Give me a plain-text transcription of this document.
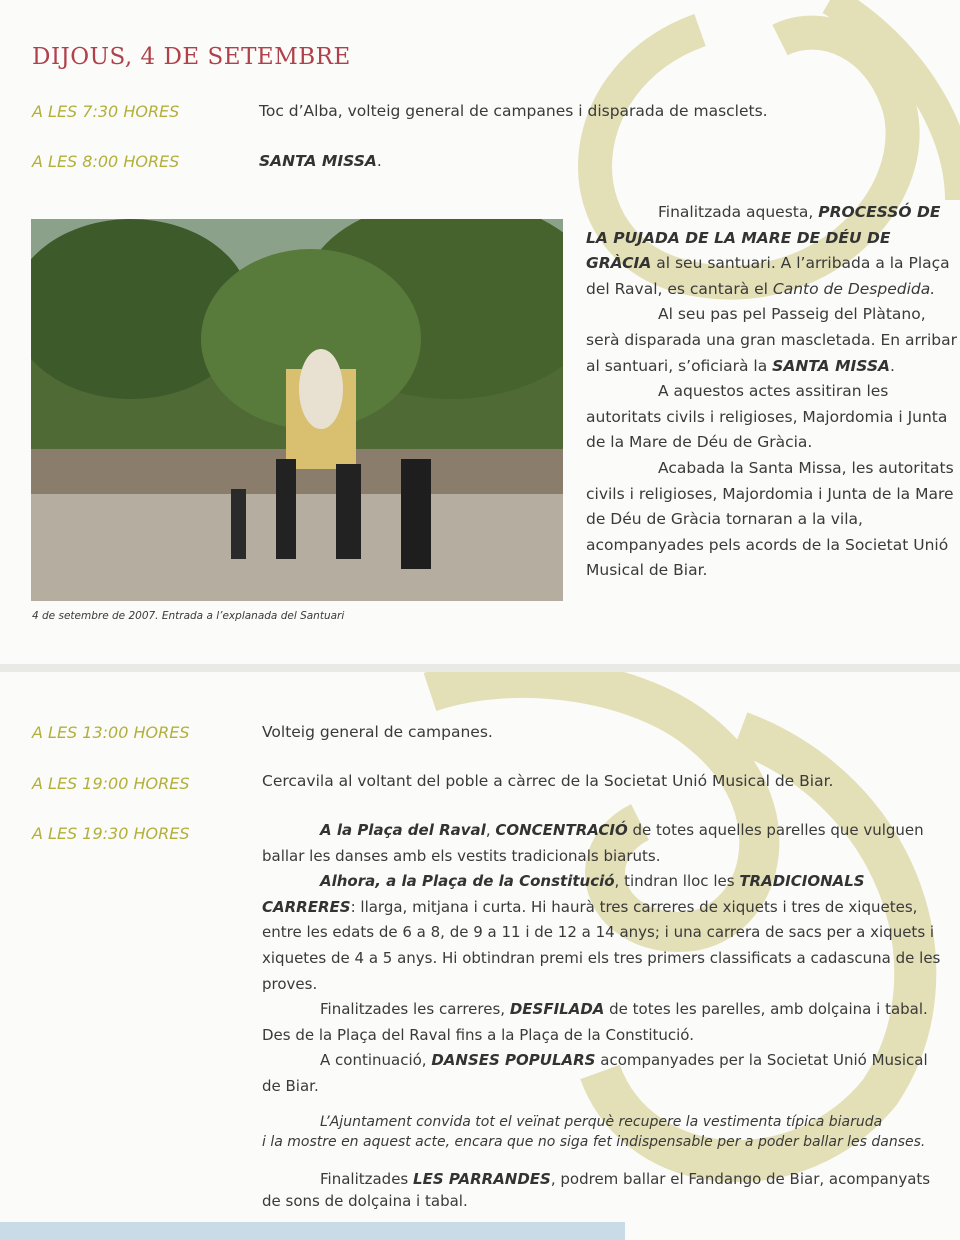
DIJOUS, 4 DE SETEMBRE
A LES 7:30 HORES	Toc d’Alba, volteig general de campanes i disparada de masclets.
A LES 8:00 HORES	SANTA MISSA.
4 de setembre de 2007. Entrada a l’explanada del Santuari
Finalitzada aquesta, PROCESSÓ DE
LA PUJADA DE LA MARE DE DÉU DE
GRÀCIA al seu santuari. A l’arribada a la Plaça
del Raval, es cantarà el Canto de Despedida.
Al seu pas pel Passeig del Plàtano,
serà disparada una gran mascletada. En arribar
al santuari, s’oficiarà la SANTA MISSA.
A aquestos actes assitiran les
autoritats civils i religioses, Majordomia i Junta
de la Mare de Déu de Gràcia.
Acabada la Santa Missa, les autoritats
civils i religioses, Majordomia i Junta de la Mare
de Déu de Gràcia tornaran a la vila,
acompanyades pels acords de la Societat Unió
Musical de Biar.
A LES 13:00 HORES	Volteig general de campanes.
A LES 19:00 HORES	Cercavila al voltant del poble a càrrec de la Societat Unió Musical de Biar.
A LES 19:30 HORES	A la Plaça del Raval, CONCENTRACIÓ de totes aquelles parelles que vulguen
ballar les danses amb els vestits tradicionals biaruts.
Alhora, a la Plaça de la Constitució, tindran lloc les TRADICIONALS
CARRERES: llarga, mitjana i curta. Hi haurà tres carreres de xiquets i tres de xiquetes,
entre les edats de 6 a 8, de 9 a 11 i de 12 a 14 anys; i una carrera de sacs per a xiquets i
xiquetes de 4 a 5 anys. Hi obtindran premi els tres primers classificats a cadascuna de les
proves.
Finalitzades les carreres, DESFILADA de totes les parelles, amb dolçaina i tabal.
Des de la Plaça del Raval fins a la Plaça de la Constitució.
A continuació, DANSES POPULARS acompanyades per la Societat Unió Musical
de Biar.
L’Ajuntament convida tot el veïnat perquè recupere la vestimenta típica biaruda
i la mostre en aquest acte, encara que no siga fet indispensable per a poder ballar les danses.
Finalitzades LES PARRANDES, podrem ballar el Fandango de Biar, acompanyats
de sons de dolçaina i tabal.
